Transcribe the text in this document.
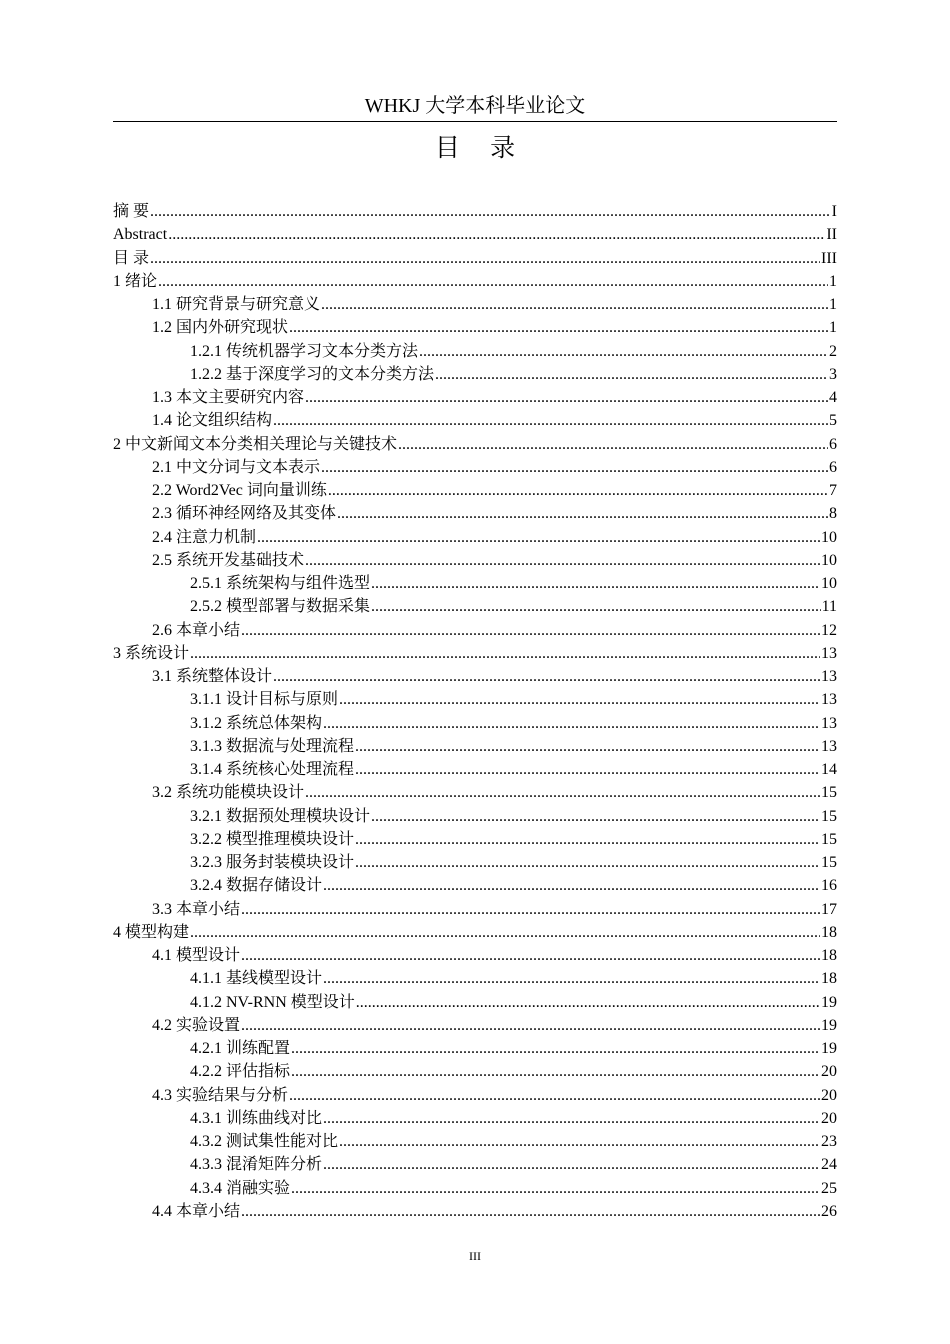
WHKJ 大学本科毕业论文
目 录
摘 要 .....	I
Abstract .....	II
目 录 .....	III
1 绪论 .....	1
1.1 研究背景与研究意义 .....	1
1.2 国内外研究现状 .....	1
1.2.1 传统机器学习文本分类方法 .....	2
1.2.2 基于深度学习的文本分类方法 .....	3
1.3 本文主要研究内容 .....	4
1.4 论文组织结构 .....	5
2 中文新闻文本分类相关理论与关键技术 .....	6
2.1 中文分词与文本表示 .....	6
2.2 Word2Vec 词向量训练 .....	7
2.3 循环神经网络及其变体 .....	8
2.4 注意力机制 .....	10
2.5 系统开发基础技术 .....	10
2.5.1 系统架构与组件选型 .....	10
2.5.2 模型部署与数据采集 .....	11
2.6 本章小结 .....	12
3 系统设计 .....	13
3.1 系统整体设计 .....	13
3.1.1 设计目标与原则 .....	13
3.1.2 系统总体架构 .....	13
3.1.3 数据流与处理流程 .....	13
3.1.4 系统核心处理流程 .....	14
3.2 系统功能模块设计 .....	15
3.2.1 数据预处理模块设计 .....	15
3.2.2 模型推理模块设计 .....	15
3.2.3 服务封装模块设计 .....	15
3.2.4 数据存储设计 .....	16
3.3 本章小结 .....	17
4 模型构建 .....	18
4.1 模型设计 .....	18
4.1.1 基线模型设计 .....	18
4.1.2 NV-RNN 模型设计 .....	19
4.2 实验设置 .....	19
4.2.1 训练配置 .....	19
4.2.2 评估指标 .....	20
4.3 实验结果与分析 .....	20
4.3.1 训练曲线对比 .....	20
4.3.2 测试集性能对比 .....	23
4.3.3 混淆矩阵分析 .....	24
4.3.4 消融实验 .....	25
4.4 本章小结 .....	26
III
